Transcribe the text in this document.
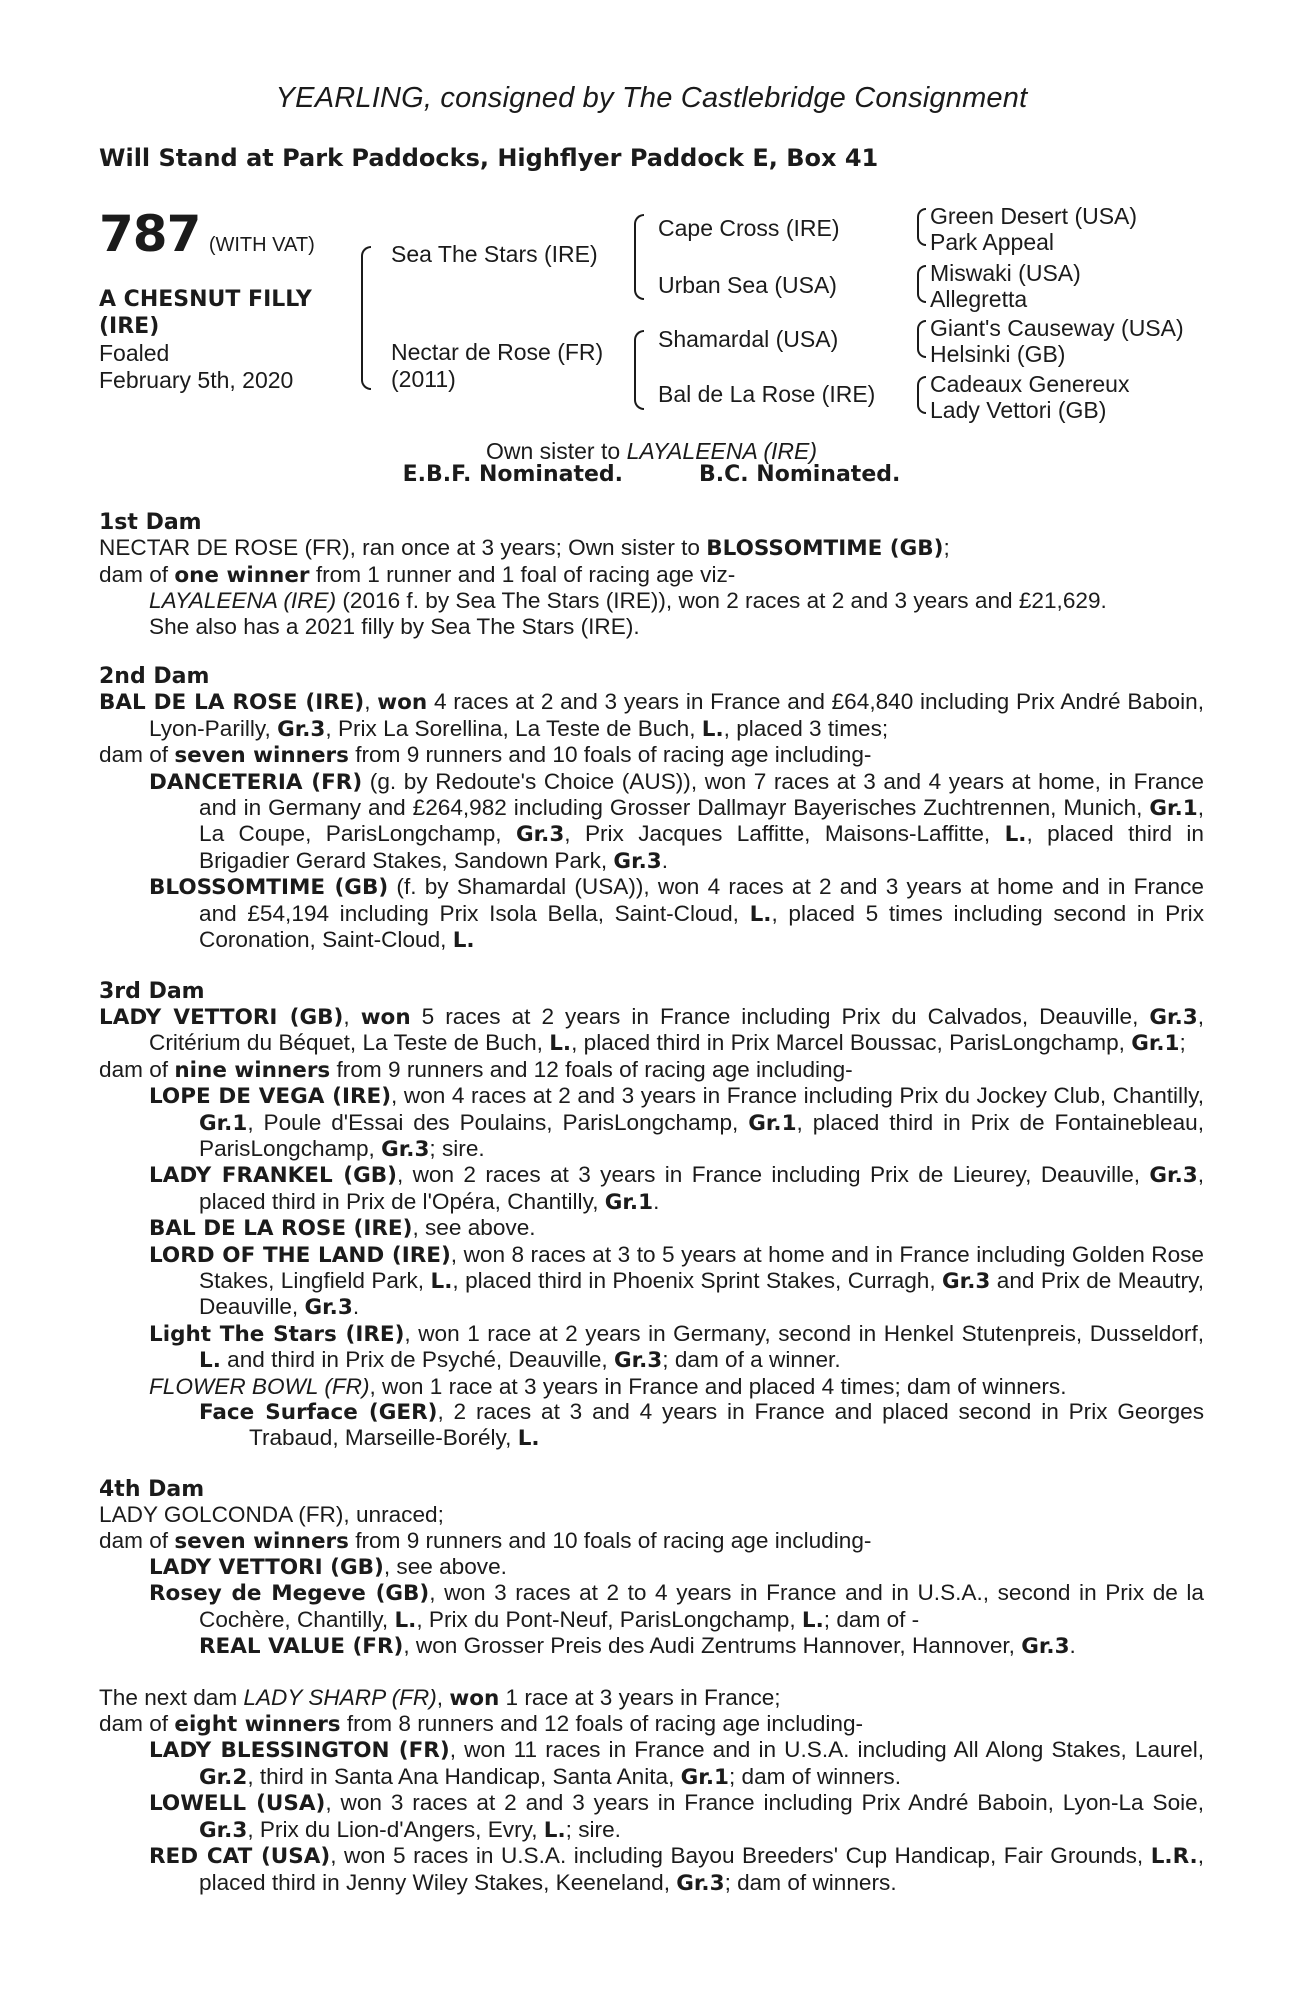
YEARLING, consigned by The Castlebridge Consignment
Will Stand at Park Paddocks, Highflyer Paddock E, Box 41
787 (WITH VAT)
A CHESNUT FILLY
(IRE)
Foaled
February 5th, 2020
Sea The Stars (IRE)
Nectar de Rose (FR)
(2011)
Cape Cross (IRE)
Urban Sea (USA)
Shamardal (USA)
Bal de La Rose (IRE)
Green Desert (USA)
Park Appeal
Miswaki (USA)
Allegretta
Giant's Causeway (USA)
Helsinki (GB)
Cadeaux Genereux
Lady Vettori (GB)
Own sister to LAYALEENA (IRE)
E.B.F. Nominated.	B.C. Nominated.
1st Dam

NECTAR DE ROSE (FR), ran once at 3 years; Own sister to BLOSSOMTIME (GB);

dam of one winner from 1 runner and 1 foal of racing age viz-

LAYALEENA (IRE) (2016 f. by Sea The Stars (IRE)), won 2 races at 2 and 3 years and £21,629.

She also has a 2021 filly by Sea The Stars (IRE).

2nd Dam

BAL DE LA ROSE (IRE), won 4 races at 2 and 3 years in France and £64,840 including Prix André Baboin, Lyon-Parilly, Gr.3, Prix La Sorellina, La Teste de Buch, L., placed 3 times;

dam of seven winners from 9 runners and 10 foals of racing age including-

DANCETERIA (FR) (g. by Redoute's Choice (AUS)), won 7 races at 3 and 4 years at home, in France and in Germany and £264,982 including Grosser Dallmayr Bayerisches Zuchtrennen, Munich, Gr.1, La Coupe, ParisLongchamp, Gr.3, Prix Jacques Laffitte, Maisons-Laffitte, L., placed third in Brigadier Gerard Stakes, Sandown Park, Gr.3.

BLOSSOMTIME (GB) (f. by Shamardal (USA)), won 4 races at 2 and 3 years at home and in France and £54,194 including Prix Isola Bella, Saint-Cloud, L., placed 5 times including second in Prix Coronation, Saint-Cloud, L.

3rd Dam

LADY VETTORI (GB), won 5 races at 2 years in France including Prix du Calvados, Deauville, Gr.3, Critérium du Béquet, La Teste de Buch, L., placed third in Prix Marcel Boussac, ParisLongchamp, Gr.1;

dam of nine winners from 9 runners and 12 foals of racing age including-

LOPE DE VEGA (IRE), won 4 races at 2 and 3 years in France including Prix du Jockey Club, Chantilly, Gr.1, Poule d'Essai des Poulains, ParisLongchamp, Gr.1, placed third in Prix de Fontainebleau, ParisLongchamp, Gr.3; sire.

LADY FRANKEL (GB), won 2 races at 3 years in France including Prix de Lieurey, Deauville, Gr.3, placed third in Prix de l'Opéra, Chantilly, Gr.1.

BAL DE LA ROSE (IRE), see above.

LORD OF THE LAND (IRE), won 8 races at 3 to 5 years at home and in France including Golden Rose Stakes, Lingfield Park, L., placed third in Phoenix Sprint Stakes, Curragh, Gr.3 and Prix de Meautry, Deauville, Gr.3.

Light The Stars (IRE), won 1 race at 2 years in Germany, second in Henkel Stutenpreis, Dusseldorf, L. and third in Prix de Psyché, Deauville, Gr.3; dam of a winner.

FLOWER BOWL (FR), won 1 race at 3 years in France and placed 4 times; dam of winners.

Face Surface (GER), 2 races at 3 and 4 years in France and placed second in Prix Georges Trabaud, Marseille-Borély, L.

4th Dam

LADY GOLCONDA (FR), unraced;

dam of seven winners from 9 runners and 10 foals of racing age including-

LADY VETTORI (GB), see above.

Rosey de Megeve (GB), won 3 races at 2 to 4 years in France and in U.S.A., second in Prix de la Cochère, Chantilly, L., Prix du Pont-Neuf, ParisLongchamp, L.; dam of -

REAL VALUE (FR), won Grosser Preis des Audi Zentrums Hannover, Hannover, Gr.3.

The next dam LADY SHARP (FR), won 1 race at 3 years in France;

dam of eight winners from 8 runners and 12 foals of racing age including-

LADY BLESSINGTON (FR), won 11 races in France and in U.S.A. including All Along Stakes, Laurel, Gr.2, third in Santa Ana Handicap, Santa Anita, Gr.1; dam of winners.

LOWELL (USA), won 3 races at 2 and 3 years in France including Prix André Baboin, Lyon-La Soie, Gr.3, Prix du Lion-d'Angers, Evry, L.; sire.

RED CAT (USA), won 5 races in U.S.A. including Bayou Breeders' Cup Handicap, Fair Grounds, L.R., placed third in Jenny Wiley Stakes, Keeneland, Gr.3; dam of winners.
